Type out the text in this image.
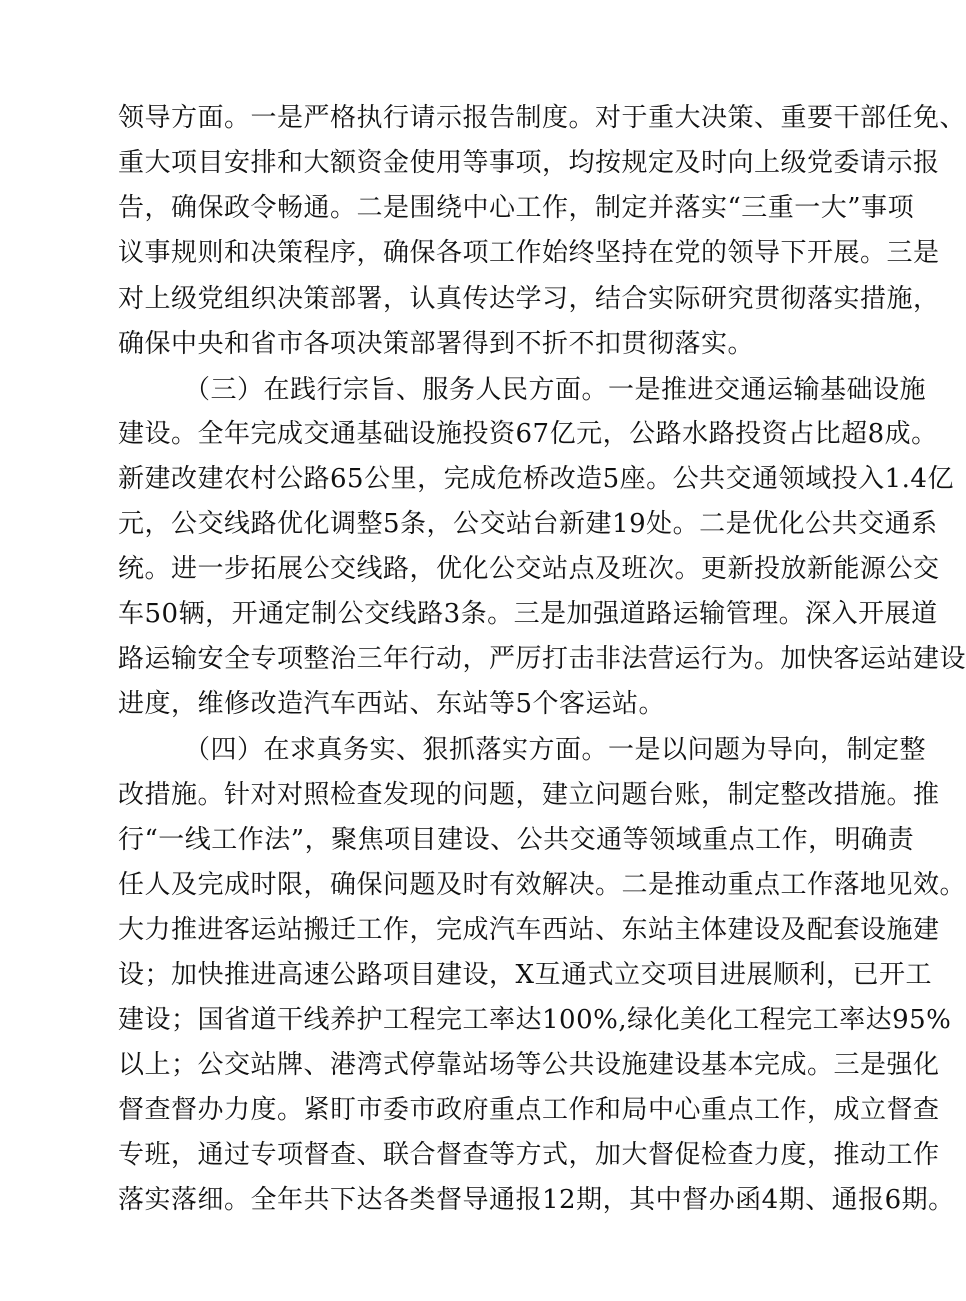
领导方面。一是严格执行请示报告制度。对于重大决策、重要干部任免、
重大项目安排和大额资金使用等事项，均按规定及时向上级党委请示报
告，确保政令畅通。二是围绕中心工作，制定并落实“三重一大”事项
议事规则和决策程序，确保各项工作始终坚持在党的领导下开展。三是
对上级党组织决策部署，认真传达学习，结合实际研究贯彻落实措施，
确保中央和省市各项决策部署得到不折不扣贯彻落实。
（三）在践行宗旨、服务人民方面。一是推进交通运输基础设施
建设。全年完成交通基础设施投资67亿元，公路水路投资占比超8成。
新建改建农村公路65公里，完成危桥改造5座。公共交通领域投入1.4亿
元，公交线路优化调整5条，公交站台新建19处。二是优化公共交通系
统。进一步拓展公交线路，优化公交站点及班次。更新投放新能源公交
车50辆，开通定制公交线路3条。三是加强道路运输管理。深入开展道
路运输安全专项整治三年行动，严厉打击非法营运行为。加快客运站建设
进度，维修改造汽车西站、东站等5个客运站。
（四）在求真务实、狠抓落实方面。一是以问题为导向，制定整
改措施。针对对照检查发现的问题，建立问题台账，制定整改措施。推
行“一线工作法”，聚焦项目建设、公共交通等领域重点工作，明确责
任人及完成时限，确保问题及时有效解决。二是推动重点工作落地见效。
大力推进客运站搬迁工作，完成汽车西站、东站主体建设及配套设施建
设；加快推进高速公路项目建设，X互通式立交项目进展顺利，已开工
建设；国省道干线养护工程完工率达100%,绿化美化工程完工率达95%
以上；公交站牌、港湾式停靠站场等公共设施建设基本完成。三是强化
督查督办力度。紧盯市委市政府重点工作和局中心重点工作，成立督查
专班，通过专项督查、联合督查等方式，加大督促检查力度，推动工作
落实落细。全年共下达各类督导通报12期，其中督办函4期、通报6期。
